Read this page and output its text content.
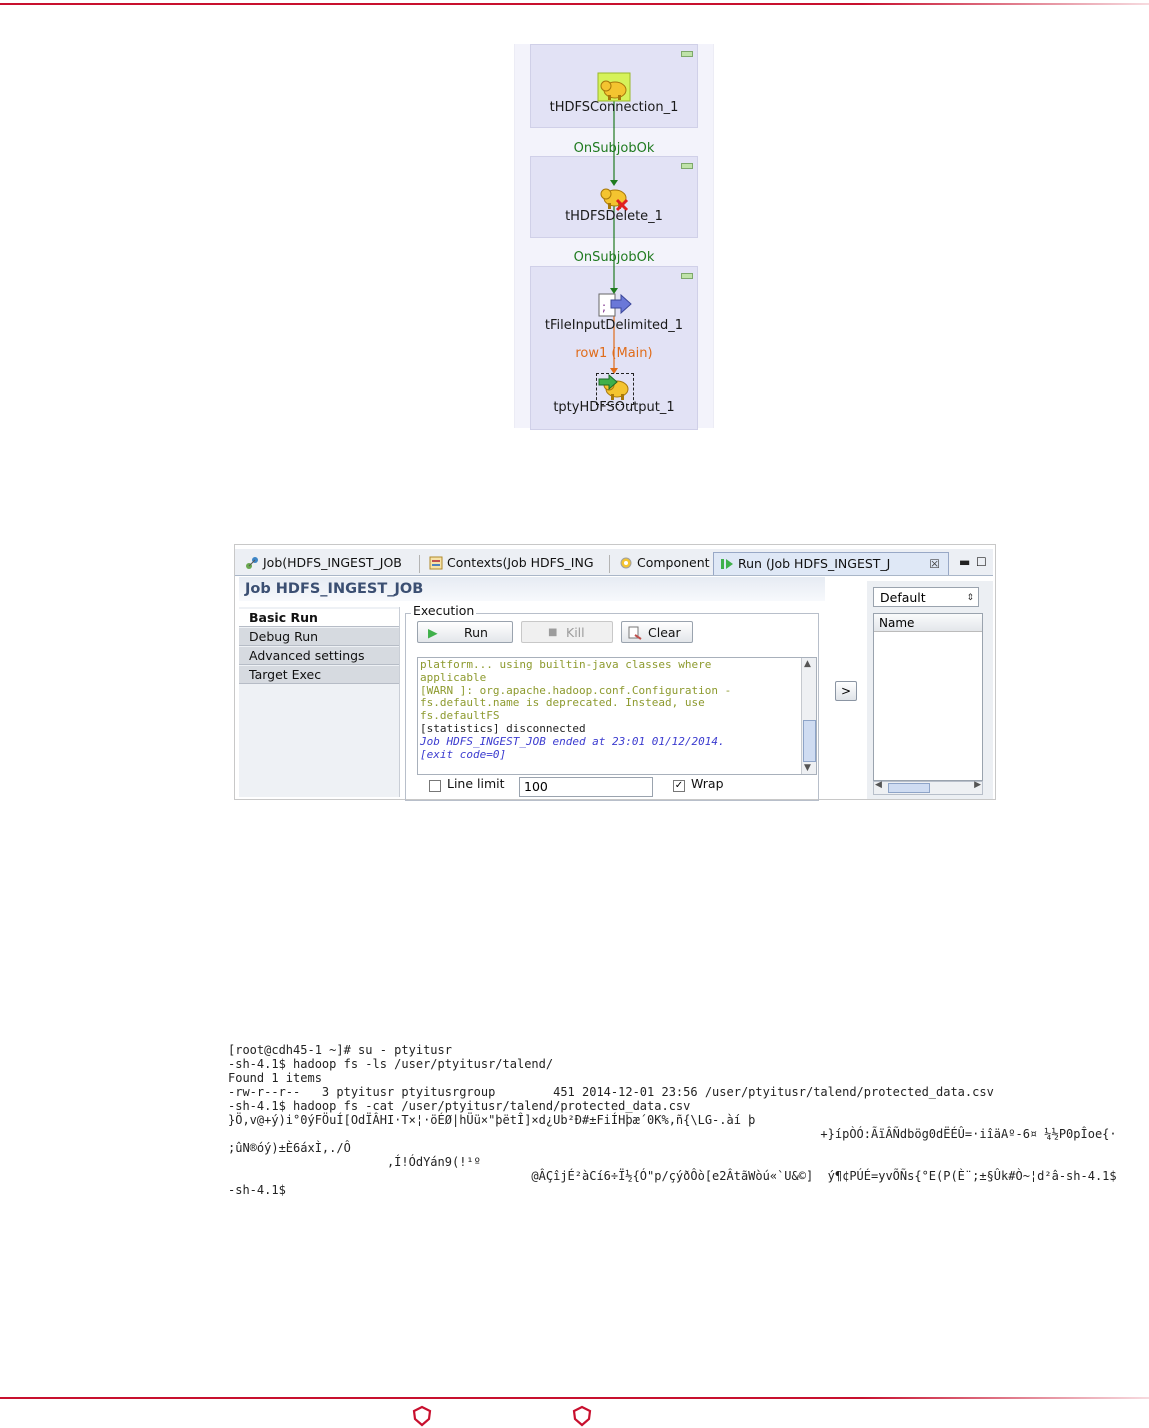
tHDFSConnection_1
OnSubjobOk
tHDFSDelete_1
OnSubjobOk
;
tFileInputDelimited_1
row1 (Main)
tptyHDFSOutput_1
Job(HDFS_INGEST_JOB	Contexts(Job HDFS_ING	Component	Run (Job HDFS_INGEST_J	☒ ▬ ☐
Job HDFS_INGEST_JOB
Basic Run
Debug Run
Advanced settings
Target Exec
Execution
▶ Run	■ Kill	Clear
platform... using builtin-java classes where
applicable
[WARN ]: org.apache.hadoop.conf.Configuration -
fs.default.name is deprecated. Instead, use
fs.defaultFS
[statistics] disconnected
Job HDFS_INGEST_JOB ended at 23:01 01/12/2014.
[exit code=0]
▲
▼
Line limit	100	✓ Wrap
>
Default	⇕
Name
◀	▶
[root@cdh45-1 ~]# su - ptyitusr
-sh-4.1$ hadoop fs -ls /user/ptyitusr/talend/
Found 1 items
-rw-r--r--   3 ptyitusr ptyitusrgroup        451 2014-12-01 23:56 /user/ptyitusr/talend/protected_data.csv
-sh-4.1$ hadoop fs -cat /user/ptyitusr/talend/protected_data.csv
}Ö,v@+ý)i°0ýFÖuÍ[OdÏÂHI·T×¦·öÉØ|hÜü×"þëtÎ]×d¿Ub²Ð#±FiÍHþæ´0K%,ñ{\LG-.àí þ
+}ípÒÓ:ÃïÂÑdbög0dËÉÛ=·iîäAº-6¤ ¼½P0pÎoe{·
;ûN®óý)±È6áxÌ,./Ô
,Í!ÓdYán9(!¹º
@ÂÇîjÉ²àCí6÷Ï½{Ó"p/çýðÔò[e2ÂtãWòú«`U&©]  ý¶¢PÚÉ=yvÕÑs{°E(P(È¨;±§Ûk#Ò~¦d²â-sh-4.1$
-sh-4.1$
